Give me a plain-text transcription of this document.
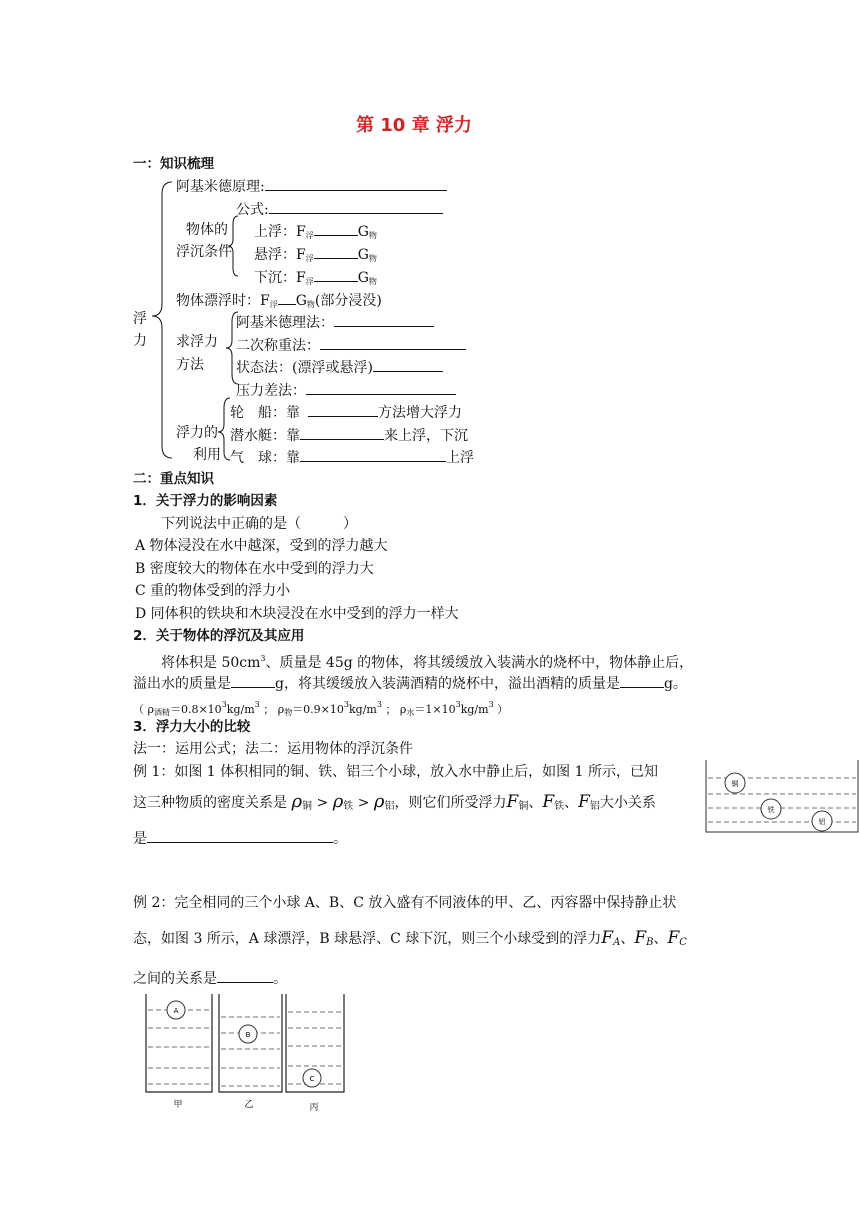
第 10 章 浮力
一：知识梳理
浮
力
阿基米德原理:
公式:
物体的
浮沉条件
上浮：$F_浮$	$G_物$
悬浮：$F_浮$	$G_物$
下沉：$F_浮$	$G_物$
物体漂浮时：$F_浮$ $G_物$(部分浸没)
求浮力
方法
阿基米德理法：
二次称重法：
状态法：(漂浮或悬浮)
压力差法：
浮力的
利用
轮　船：靠	方法增大浮力
潜水艇：靠	来上浮，下沉
气　球：靠	上浮
二：重点知识
1．关于浮力的影响因素
下列说法中正确的是（　　　）
A 物体浸没在水中越深，受到的浮力越大
B 密度较大的物体在水中受到的浮力大
C 重的物体受到的浮力小
D 同体积的铁块和木块浸没在水中受到的浮力一样大
2．关于物体的浮沉及其应用
将体积是 $50cm^3$、质量是 45g 的物体，将其缓缓放入装满水的烧杯中，物体静止后，
溢出水的质量是	g，将其缓缓放入装满酒精的烧杯中，溢出酒精的质量是	g。
（ $\rho_{酒精}=0.8\times 10^3kg/m^3$ ； $\rho_物=0.9\times 10^3kg/m^3$ ； $\rho_水=1\times 10^3kg/m^3$ ）
3．浮力大小的比较
法一：运用公式；法二：运用物体的浮沉条件
例 1：如图 1 体积相同的铜、铁、铝三个小球，放入水中静止后，如图 1 所示，已知
这三种物质的密度关系是 $\rho_铜 > \rho_铁 > \rho_铝$，则它们所受浮力$F_铜$、$F_铁$、$F_铝$大小关系
是	。
铜
铁
铝
例 2：完全相同的三个小球 A、B、C 放入盛有不同液体的甲、乙、丙容器中保持静止状
态，如图 3 所示，A 球漂浮，B 球悬浮、C 球下沉，则三个小球受到的浮力$F_A$、$F_B$、$F_C$
之间的关系是	。
A
B
C
甲	乙	丙
